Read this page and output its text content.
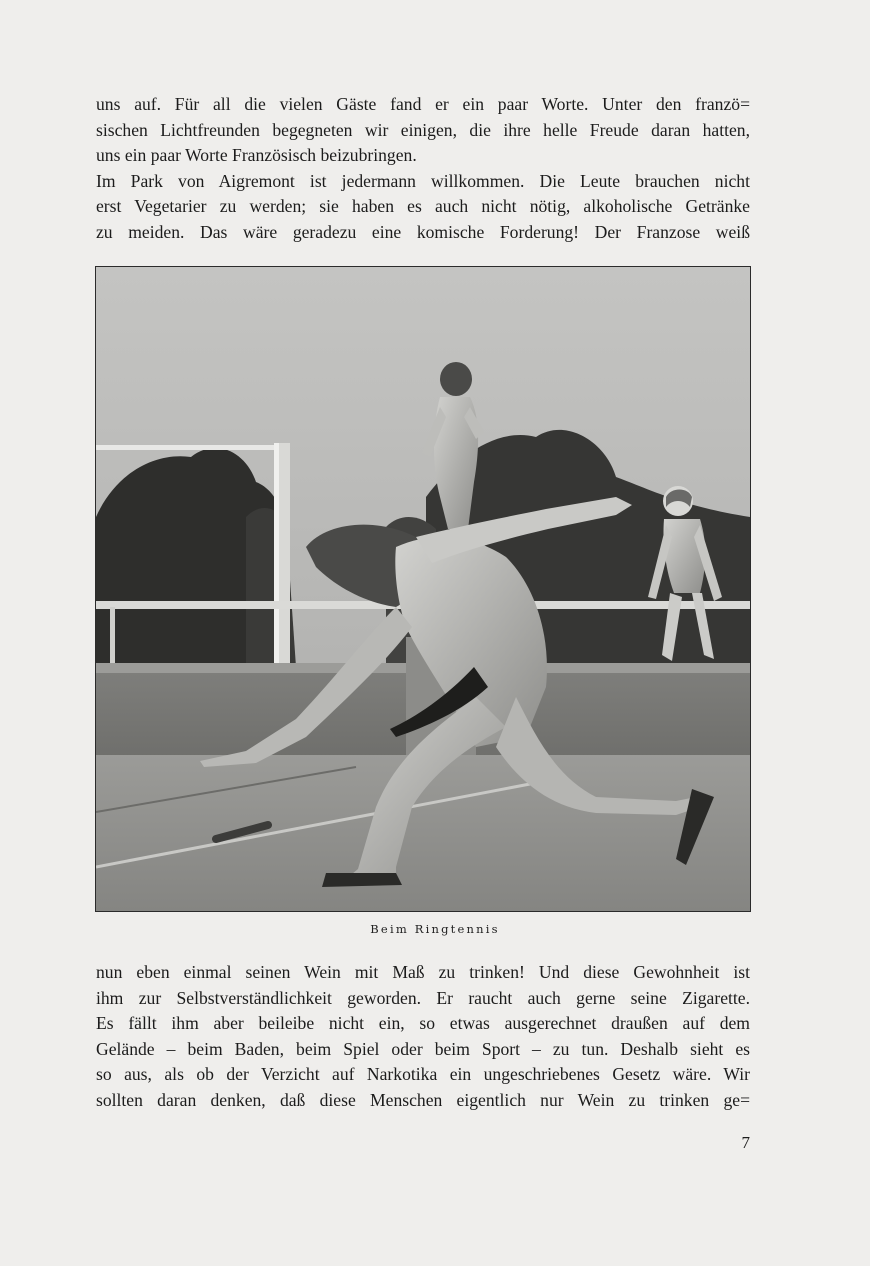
uns auf. Für all die vielen Gäste fand er ein paar Worte. Unter den franzö=
sischen Lichtfreunden begegneten wir einigen, die ihre helle Freude daran hatten,
uns ein paar Worte Französisch beizubringen.
Im Park von Aigremont ist jedermann willkommen. Die Leute brauchen nicht
erst Vegetarier zu werden; sie haben es auch nicht nötig, alkoholische Getränke
zu meiden. Das wäre geradezu eine komische Forderung! Der Franzose weiß
Beim Ringtennis
nun eben einmal seinen Wein mit Maß zu trinken! Und diese Gewohnheit ist
ihm zur Selbstverständlichkeit geworden. Er raucht auch gerne seine Zigarette.
Es fällt ihm aber beileibe nicht ein, so etwas ausgerechnet draußen auf dem
Gelände – beim Baden, beim Spiel oder beim Sport – zu tun. Deshalb sieht es
so aus, als ob der Verzicht auf Narkotika ein ungeschriebenes Gesetz wäre. Wir
sollten daran denken, daß diese Menschen eigentlich nur Wein zu trinken ge=
7
